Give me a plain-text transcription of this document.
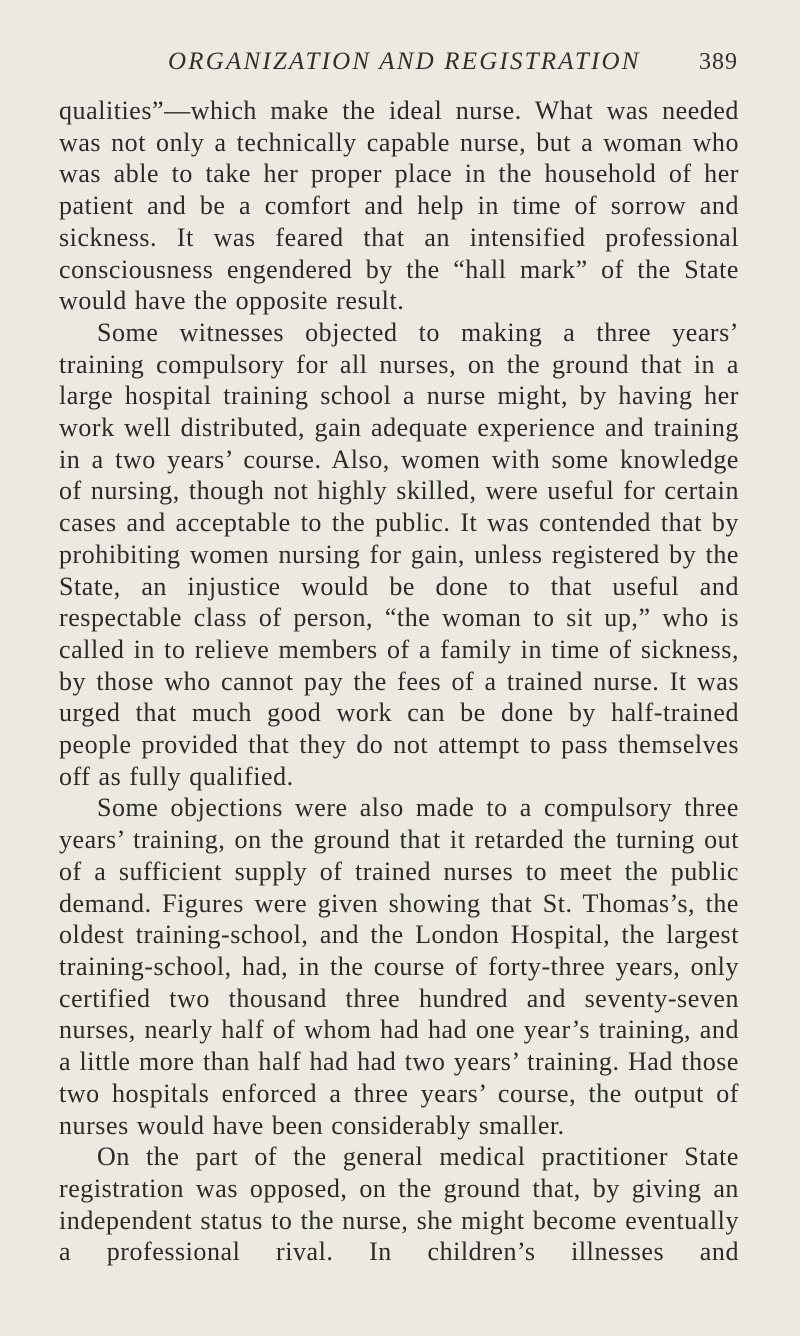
ORGANIZATION AND REGISTRATION 389

qualities”—which make the ideal nurse. What was needed was not only a technically capable nurse, but a woman who was able to take her proper place in the household of her patient and be a comfort and help in time of sorrow and sickness. It was feared that an intensified professional consciousness engendered by the “hall mark” of the State would have the opposite result.

Some witnesses objected to making a three years’ training compulsory for all nurses, on the ground that in a large hospital training school a nurse might, by having her work well distributed, gain adequate experience and training in a two years’ course. Also, women with some knowledge of nursing, though not highly skilled, were useful for certain cases and acceptable to the public. It was contended that by prohibiting women nursing for gain, unless registered by the State, an injustice would be done to that useful and respectable class of person, “the woman to sit up,” who is called in to relieve members of a family in time of sickness, by those who cannot pay the fees of a trained nurse. It was urged that much good work can be done by half-trained people provided that they do not attempt to pass themselves off as fully qualified.

Some objections were also made to a compulsory three years’ training, on the ground that it retarded the turning out of a sufficient supply of trained nurses to meet the public demand. Figures were given showing that St. Thomas’s, the oldest training-school, and the London Hospital, the largest training-school, had, in the course of forty-three years, only certified two thousand three hundred and seventy-seven nurses, nearly half of whom had had one year’s training, and a little more than half had had two years’ training. Had those two hospitals enforced a three years’ course, the output of nurses would have been considerably smaller.

On the part of the general medical practitioner State registration was opposed, on the ground that, by giving an independent status to the nurse, she might become eventually a professional rival. In children’s illnesses and
